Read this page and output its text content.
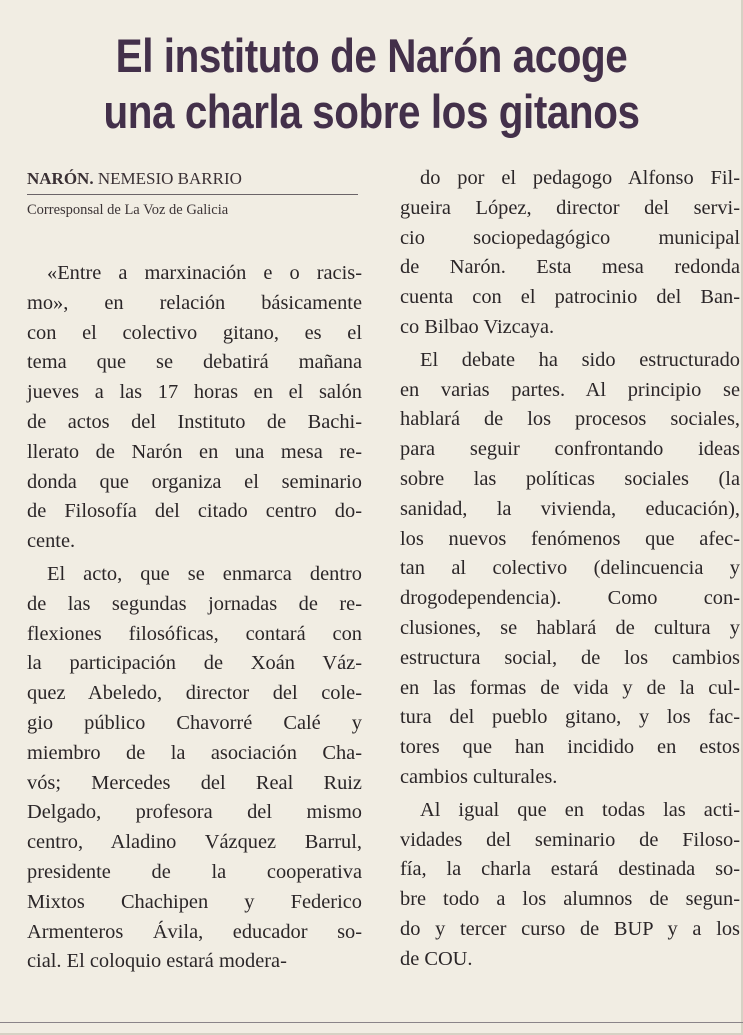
El instituto de Narón acoge
una charla sobre los gitanos
NARÓN. NEMESIO BARRIO
Corresponsal de La Voz de Galicia
«Entre a marxinación e o racis-
mo», en relación básicamente
con el colectivo gitano, es el
tema que se debatirá mañana
jueves a las 17 horas en el salón
de actos del Instituto de Bachi-
llerato de Narón en una mesa re-
donda que organiza el seminario
de Filosofía del citado centro do-
cente.
El acto, que se enmarca dentro
de las segundas jornadas de re-
flexiones filosóficas, contará con
la participación de Xoán Váz-
quez Abeledo, director del cole-
gio público Chavorré Calé y
miembro de la asociación Cha-
vós; Mercedes del Real Ruiz
Delgado, profesora del mismo
centro, Aladino Vázquez Barrul,
presidente de la cooperativa
Mixtos Chachipen y Federico
Armenteros Ávila, educador so-
cial. El coloquio estará modera-
do por el pedagogo Alfonso Fil-
gueira López, director del servi-
cio sociopedagógico municipal
de Narón. Esta mesa redonda
cuenta con el patrocinio del Ban-
co Bilbao Vizcaya.
El debate ha sido estructurado
en varias partes. Al principio se
hablará de los procesos sociales,
para seguir confrontando ideas
sobre las políticas sociales (la
sanidad, la vivienda, educación),
los nuevos fenómenos que afec-
tan al colectivo (delincuencia y
drogodependencia). Como con-
clusiones, se hablará de cultura y
estructura social, de los cambios
en las formas de vida y de la cul-
tura del pueblo gitano, y los fac-
tores que han incidido en estos
cambios culturales.
Al igual que en todas las acti-
vidades del seminario de Filoso-
fía, la charla estará destinada so-
bre todo a los alumnos de segun-
do y tercer curso de BUP y a los
de COU.
